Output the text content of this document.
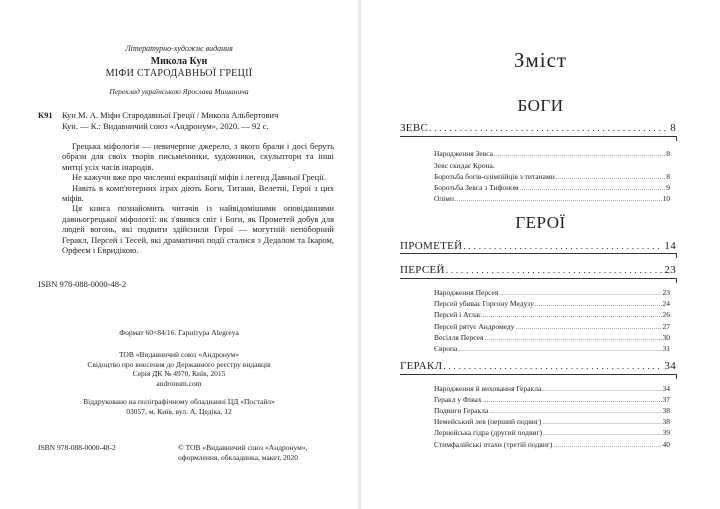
Літературно-художнє видання
Микола Кун
МІФИ СТАРОДАВНЬОЇ ГРЕЦІЇ
Переклад українською Ярослава Мишанича
К91 Кун М. А. Міфи Стародавньої Греції / Микола Альбертович
Кун. — К.: Видавничий союз «Андронум», 2020. — 92 с.

Грецька міфологія — невичерпне джерело, з якого брали і досі беруть образи для своїх творів письменники, художники, скульптори та інші митці усіх часів інародів.

Не кажучи вже про численні екранізації міфів і легенд Давньої Греції.

Навіть в комп'ютерних іграх діють Боги, Титани, Велетні, Герої з цих міфів.

Ця книга познайомить читачів із найвідомішими оповіданнями давньогрецької міфології: як з'явився світ і Боги, як Прометей добув для людей вогонь, які подвиги здійснили Герої — могутній непоборний Геракл, Персей і Тесей, які драматичні події сталися з Дедалом та Ікаром, Орфеєм і Евридікою.

ISBN 978-088-0000-48-2
Формат 60×84/16. Гарнітура Alegreya
ТОВ «Видавничий союз «Андронум»
Свідоцтво про внесення до Державного реєстру видавців
Серія ДК № 4970, Київ, 2015
andronum.com
Віддруковано на поліграфічному обладнанні ЦД «Постайл»
03057, м. Київ, вул. А. Цедіка, 12
ISBN 978-088-0000-48-2	© ТОВ «Видавничий союз «Андронум»,
оформлення, обкладинка, макет, 2020
Зміст
БОГИ
ЗЕВС . . .	8
Народження Зевса . . .	8
Зевс скидає Крона.
Боротьба богів-олімпійців з титанами . . .	8
Боротьба Зевса з Тифоном . . .	9
Олімп . . .	10
ГЕРОЇ
ПРОМЕТЕЙ . . .	14
ПЕРСЕЙ . . .	23
Народження Персея . . .	23
Персей убиває Горгону Медузу . . .	24
Персей і Атлас . . .	26
Персей рятує Андромеду . . .	27
Весілля Персея . . .	30
Європа . . .	31
ГЕРАКЛ . . .	34
Народження й виховання Геракла . . .	34
Геракл у Фівах . . .	37
Подвиги Геракла . . .	38
Немейський лев (перший подвиг) . . .	38
Лернейська гідра (другий подвиг) . . .	39
Стимфалійські птахи (третій подвиг) . . .	40
